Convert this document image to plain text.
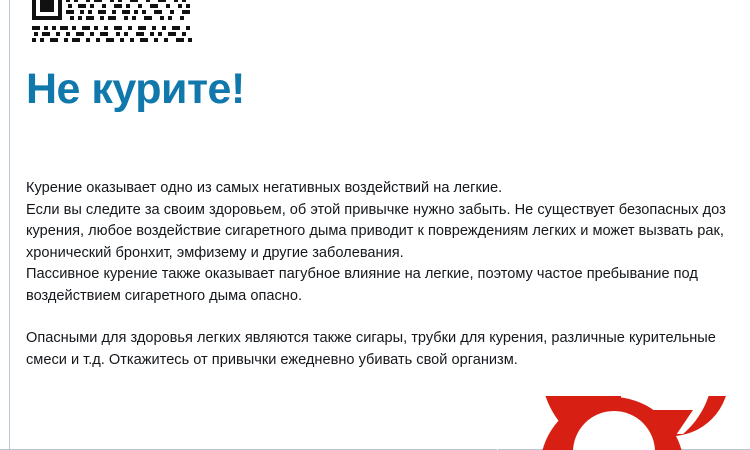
Не курите!

Курение оказывает одно из самых негативных воздействий на легкие.

Если вы следите за своим здоровьем, об этой привычке нужно забыть. Не существует безопасных доз курения, любое воздействие сигаретного дыма приводит к повреждениям легких и может вызвать рак, хронический бронхит, эмфизему и другие заболевания.

Пассивное курение также оказывает пагубное влияние на легкие, поэтому частое пребывание под воздействием сигаретного дыма опасно.

Опасными для здоровья легких являются также сигары, трубки для курения, различные курительные смеси и т.д. Откажитесь от привычки ежедневно убивать свой организм.
